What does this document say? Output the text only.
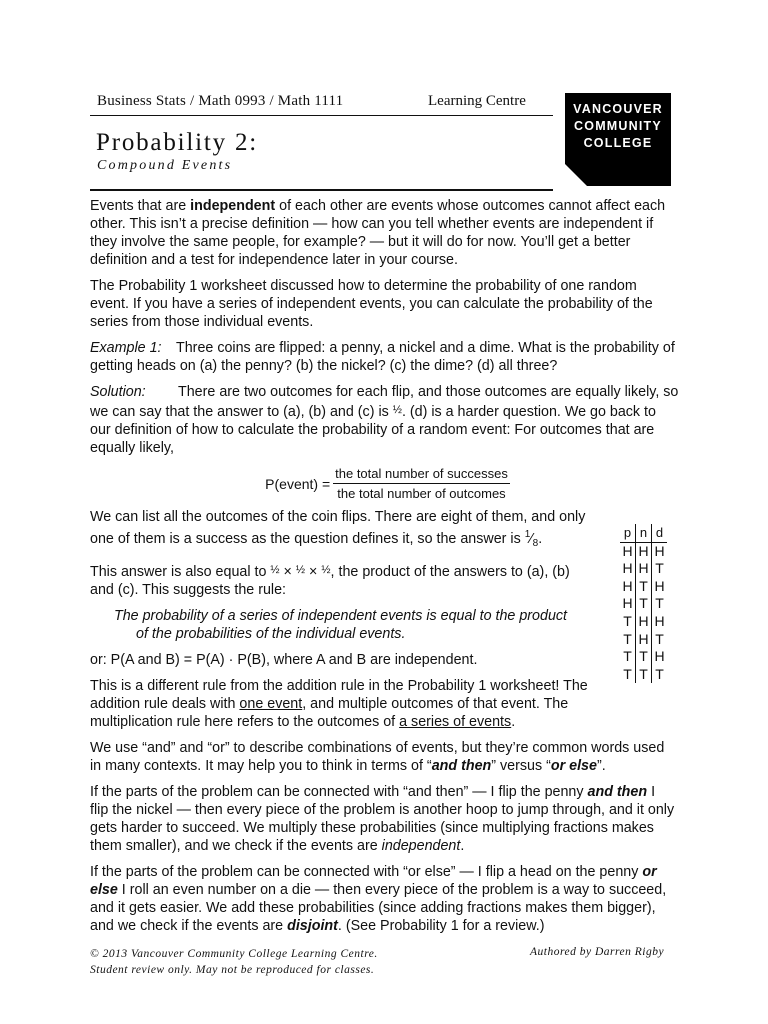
Business Stats / Math 0993 / Math 1111	Learning Centre
Probability 2:
Compound Events
VANCOUVER
COMMUNITY
COLLEGE

Events that are independent of each other are events whose outcomes cannot affect each other. This isn’t a precise definition — how can you tell whether events are independent if they involve the same people, for example? — but it will do for now. You’ll get a better definition and a test for independence later in your course.

The Probability 1 worksheet discussed how to determine the probability of one random event. If you have a series of independent events, you can calculate the probability of the series from those individual events.

Example 1: Three coins are flipped: a penny, a nickel and a dime. What is the probability of getting heads on (a) the penny? (b) the nickel? (c) the dime? (d) all three?

Solution: There are two outcomes for each flip, and those outcomes are equally likely, so we can say that the answer to (a), (b) and (c) is $^{\frac{1}{2}}$. (d) is a harder question. We go back to our definition of how to calculate the probability of a random event: For outcomes that are equally likely,

P(event) = $\frac{\text{the total number of successes}}{\text{the total number of outcomes}}$

We can list all the outcomes of the coin flips. There are eight of them, and only one of them is a success as the question defines it, so the answer is $^1⁄_8$.

This answer is also equal to $^{\frac{1}{2}}$ × $^{\frac{1}{2}}$ × $^{\frac{1}{2}}$, the product of the answers to (a), (b) and (c). This suggests the rule:

The probability of a series of independent events is equal to the product
of the probabilities of the individual events.

or: P(A and B) = P(A) · P(B), where A and B are independent.

This is a different rule from the addition rule in the Probability 1 worksheet! The addition rule deals with one event, and multiple outcomes of that event. The multiplication rule here refers to the outcomes of a series of events.

We use “and” and “or” to describe combinations of events, but they’re common words used in many contexts. It may help you to think in terms of “and then” versus “or else”.

If the parts of the problem can be connected with “and then” — I flip the penny and then I flip the nickel — then every piece of the problem is another hoop to jump through, and it only gets harder to succeed. We multiply these probabilities (since multiplying fractions makes them smaller), and we check if the events are independent.

If the parts of the problem can be connected with “or else” — I flip a head on the penny or else I roll an even number on a die — then every piece of the problem is a way to succeed, and it gets easier. We add these probabilities (since adding fractions makes them bigger), and we check if the events are disjoint. (See Probability 1 for a review.)

p	n	d
H	H	H
H	H	T
H	T	H
H	T	T
T	H	H
T	H	T
T	T	H
T	T	T
© 2013 Vancouver Community College Learning Centre.
Student review only. May not be reproduced for classes.
Authored by Darren Rigby
